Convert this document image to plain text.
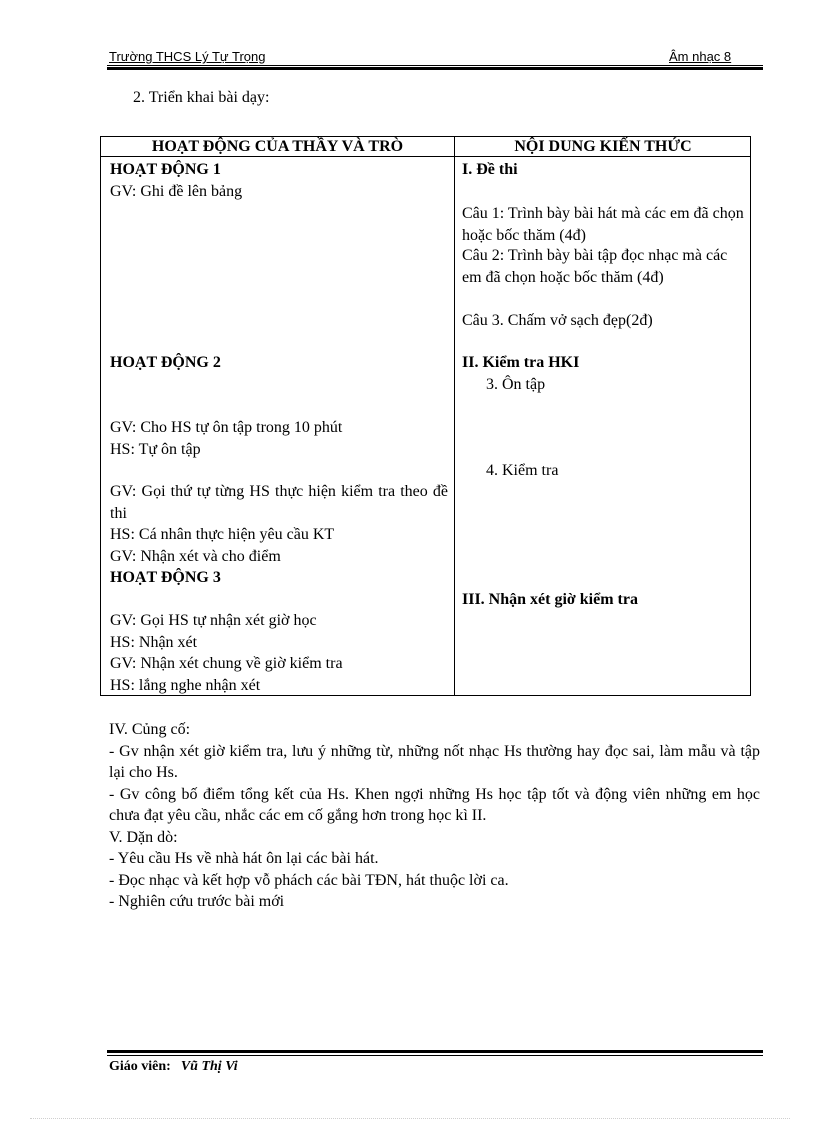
Trường THCS Lý Tự Trọng	Âm nhạc 8
2. Triển khai bài dạy:
HOẠT ĐỘNG CỦA THẦY VÀ TRÒ	NỘI DUNG KIẾN THỨC
HOẠT ĐỘNG 1
GV: Ghi đề lên bảng
HOẠT ĐỘNG 2
GV: Cho HS tự ôn tập trong 10 phút
HS: Tự ôn tập
GV: Gọi thứ tự từng HS thực hiện kiểm tra theo đề thi
HS: Cá nhân thực hiện yêu cầu KT
GV: Nhận xét và cho điểm
HOẠT ĐỘNG 3
GV: Gọi HS tự nhận xét giờ học
HS: Nhận xét
GV: Nhận xét chung về giờ kiểm tra
HS: lắng nghe nhận xét
I. Đề thi
Câu 1: Trình bày bài hát mà các em đã chọn hoặc bốc thăm (4đ)
Câu 2: Trình bày bài tập đọc nhạc mà các em đã chọn hoặc bốc thăm (4đ)
Câu 3. Chấm vở sạch đẹp(2đ)
II. Kiểm tra HKI
3. Ôn tập
4. Kiểm tra
III. Nhận xét giờ kiểm tra

IV. Củng cố:

- Gv nhận xét giờ kiểm tra, lưu ý những từ, những nốt nhạc Hs thường hay đọc sai, làm mẫu và tập lại cho Hs.

- Gv công bố điểm tổng kết của Hs. Khen ngợi những Hs học tập tốt và động viên những em học chưa đạt yêu cầu, nhắc các em cố gắng hơn trong học kì II.

V. Dặn dò:

- Yêu cầu Hs về nhà hát ôn lại các bài hát.

- Đọc nhạc và kết hợp vỗ phách các bài TĐN, hát thuộc lời ca.

- Nghiên cứu trước bài mới

Giáo viên: Vũ Thị Vi
